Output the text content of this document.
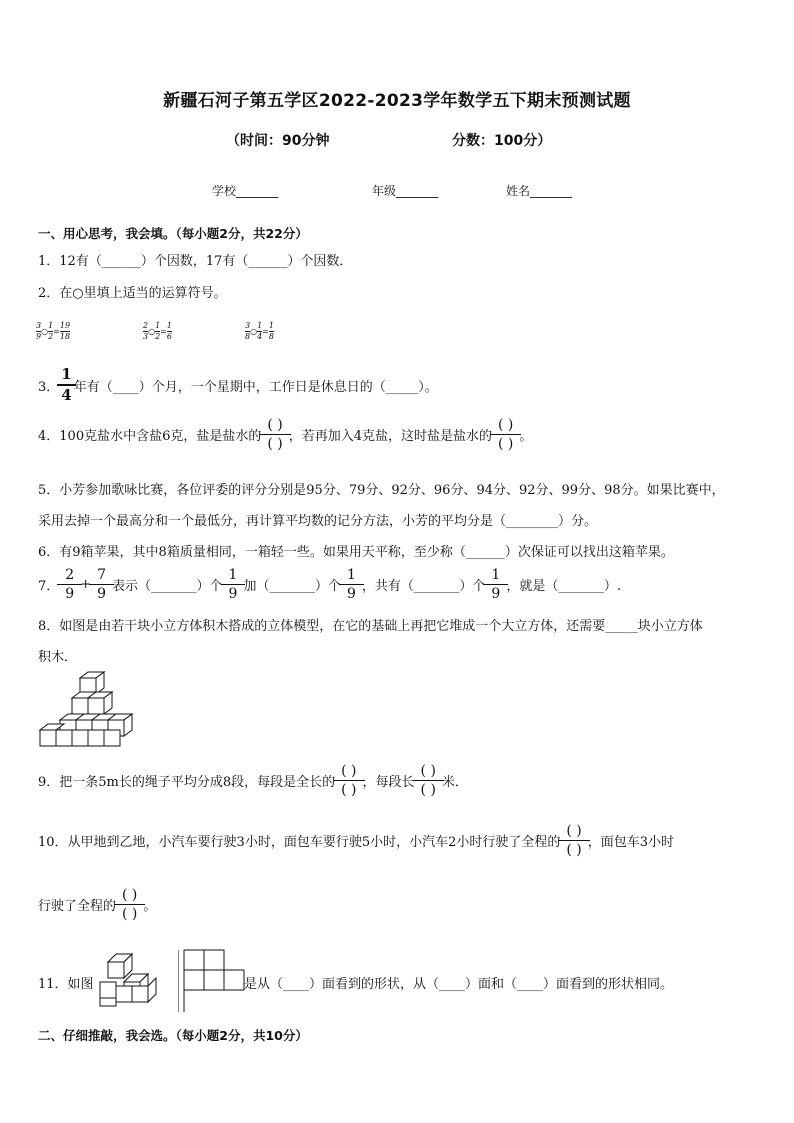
新疆石河子第五学区2022-2023学年数学五下期末预测试题
（时间：90分钟	分数：100分）
学校_______	年级_______	姓名_______
一、用心思考，我会填。（每小题2分，共22分）
1．12有（______）个因数，17有（______）个因数．
2．在○里填上适当的运算符号。
3
9
○
1
2
=
19
18
2
3
○
1
2
=
1
6
3
8
○
1
4
=
1
8
3．
1
4 年有（____）个月，一个星期中，工作日是休息日的（_____）。
4．100克盐水中含盐6克，盐是盐水的
( )
( ) ，若再加入4克盐，这时盐是盐水的
( )
( ) 。
5．小芳参加歌咏比赛，各位评委的评分分别是95分、79分、92分、96分、94分、92分、99分、98分。如果比赛中，
采用去掉一个最高分和一个最低分，再计算平均数的记分方法，小芳的平均分是（________）分。
6．有9箱苹果，其中8箱质量相同，一箱轻一些。如果用天平称，至少称（______）次保证可以找出这箱苹果。
7．
2
9
+
7
9 表示（_______）个
1
9 加（_______）个
1
9 ，共有（_______）个
1
9 ，就是（_______）.
8．如图是由若干块小立方体积木搭成的立体模型，在它的基础上再把它堆成一个大立方体，还需要_____块小立方体
积木．
9．把一条5m长的绳子平均分成8段，每段是全长的
( )
( ) ，每段长
( )
( ) 米．
10．从甲地到乙地，小汽车要行驶3小时，面包车要行驶5小时，小汽车2小时行驶了全程的
( )
( ) ，面包车3小时
行驶了全程的
( )
( ) 。
11．如图	是从（____）面看到的形状，从（____）面和（____）面看到的形状相同。
二、仔细推敲，我会选。（每小题2分，共10分）
